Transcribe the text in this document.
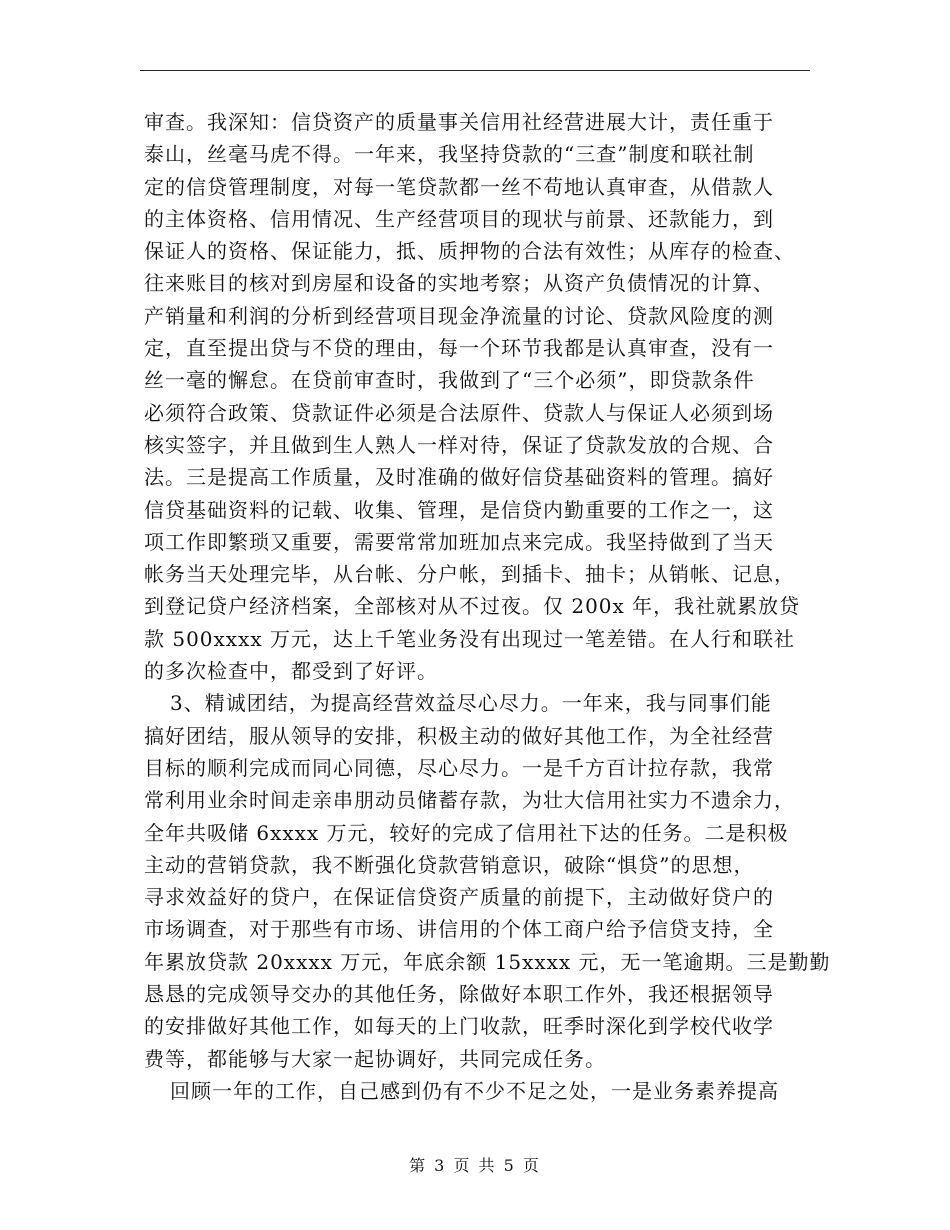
审查。我深知：信贷资产的质量事关信用社经营进展大计，责任重于
泰山，丝毫马虎不得。一年来，我坚持贷款的“三查”制度和联社制
定的信贷管理制度，对每一笔贷款都一丝不苟地认真审查，从借款人
的主体资格、信用情况、生产经营项目的现状与前景、还款能力，到
保证人的资格、保证能力，抵、质押物的合法有效性；从库存的检查、
往来账目的核对到房屋和设备的实地考察；从资产负债情况的计算、
产销量和利润的分析到经营项目现金净流量的讨论、贷款风险度的测
定，直至提出贷与不贷的理由，每一个环节我都是认真审查，没有一
丝一毫的懈怠。在贷前审查时，我做到了“三个必须”，即贷款条件
必须符合政策、贷款证件必须是合法原件、贷款人与保证人必须到场
核实签字，并且做到生人熟人一样对待，保证了贷款发放的合规、合
法。三是提高工作质量，及时准确的做好信贷基础资料的管理。搞好
信贷基础资料的记载、收集、管理，是信贷内勤重要的工作之一，这
项工作即繁琐又重要，需要常常加班加点来完成。我坚持做到了当天
帐务当天处理完毕，从台帐、分户帐，到插卡、抽卡；从销帐、记息，
到登记贷户经济档案，全部核对从不过夜。仅 200x 年，我社就累放贷
款 500xxxx 万元，达上千笔业务没有出现过一笔差错。在人行和联社
的多次检查中，都受到了好评。
3、精诚团结，为提高经营效益尽心尽力。一年来，我与同事们能
搞好团结，服从领导的安排，积极主动的做好其他工作，为全社经营
目标的顺利完成而同心同德，尽心尽力。一是千方百计拉存款，我常
常利用业余时间走亲串朋动员储蓄存款，为壮大信用社实力不遗余力，
全年共吸储 6xxxx 万元，较好的完成了信用社下达的任务。二是积极
主动的营销贷款，我不断强化贷款营销意识，破除“惧贷”的思想，
寻求效益好的贷户，在保证信贷资产质量的前提下，主动做好贷户的
市场调查，对于那些有市场、讲信用的个体工商户给予信贷支持，全
年累放贷款 20xxxx 万元，年底余额 15xxxx 元，无一笔逾期。三是勤勤
恳恳的完成领导交办的其他任务，除做好本职工作外，我还根据领导
的安排做好其他工作，如每天的上门收款，旺季时深化到学校代收学
费等，都能够与大家一起协调好，共同完成任务。
回顾一年的工作，自己感到仍有不少不足之处，一是业务素养提高
第 3 页 共 5 页
